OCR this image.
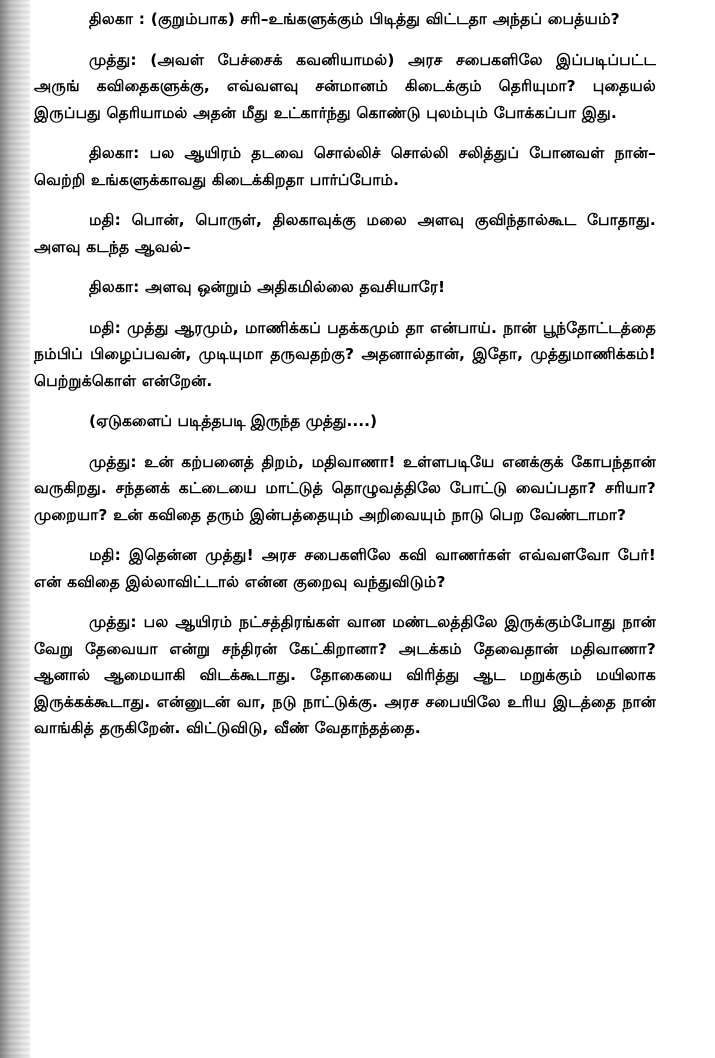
திலகா : (குறும்பாக) சரி–உங்களுக்கும் பிடித்து விட்டதா அந்தப் பைத்யம்?

முத்து: (அவள் பேச்சைக் கவனியாமல்) அரச சபைகளிலே இப்படிப்பட்ட அருங் கவிதைகளுக்கு, எவ்வளவு சன்மானம் கிடைக்கும் தெரியுமா? புதையல் இருப்பது தெரியாமல் அதன் மீது உட்கார்ந்து கொண்டு புலம்பும் போக்கப்பா இது.

திலகா: பல ஆயிரம் தடவை சொல்லிச் சொல்லி சலித்துப் போனவள் நான்–வெற்றி உங்களுக்காவது கிடைக்கிறதா பார்ப்போம்.

மதி: பொன், பொருள், திலகாவுக்கு மலை அளவு குவிந்தால்கூட போதாது. அளவு கடந்த ஆவல்–

திலகா: அளவு ஒன்றும் அதிகமில்லை தவசியாரே!

மதி: முத்து ஆரமும், மாணிக்கப் பதக்கமும் தா என்பாய். நான் பூந்தோட்டத்தை நம்பிப் பிழைப்பவன், முடியுமா தருவதற்கு? அதனால்தான், இதோ, முத்துமாணிக்கம்! பெற்றுக்கொள் என்றேன்.

(ஏடுகளைப் படித்தபடி இருந்த முத்து....)

முத்து: உன் கற்பனைத் திறம், மதிவாணா! உள்ளபடியே எனக்குக் கோபந்தான் வருகிறது. சந்தனக் கட்டையை மாட்டுத் தொழுவத்திலே போட்டு வைப்பதா? சரியா? முறையா? உன் கவிதை தரும் இன்பத்தையும் அறிவையும் நாடு பெற வேண்டாமா?

மதி: இதென்ன முத்து! அரச சபைகளிலே கவி வாணர்கள் எவ்வளவோ பேர்! என் கவிதை இல்லாவிட்டால் என்ன குறைவு வந்துவிடும்?

முத்து: பல ஆயிரம் நட்சத்திரங்கள் வான மண்டலத்திலே இருக்கும்போது நான் வேறு தேவையா என்று சந்திரன் கேட்கிறானா? அடக்கம் தேவைதான் மதிவாணா? ஆனால் ஆமையாகி விடக்கூடாது. தோகையை விரித்து ஆட மறுக்கும் மயிலாக இருக்கக்கூடாது. என்னுடன் வா, நடு நாட்டுக்கு. அரச சபையிலே உரிய இடத்தை நான் வாங்கித் தருகிறேன். விட்டுவிடு, வீண் வேதாந்தத்தை.
